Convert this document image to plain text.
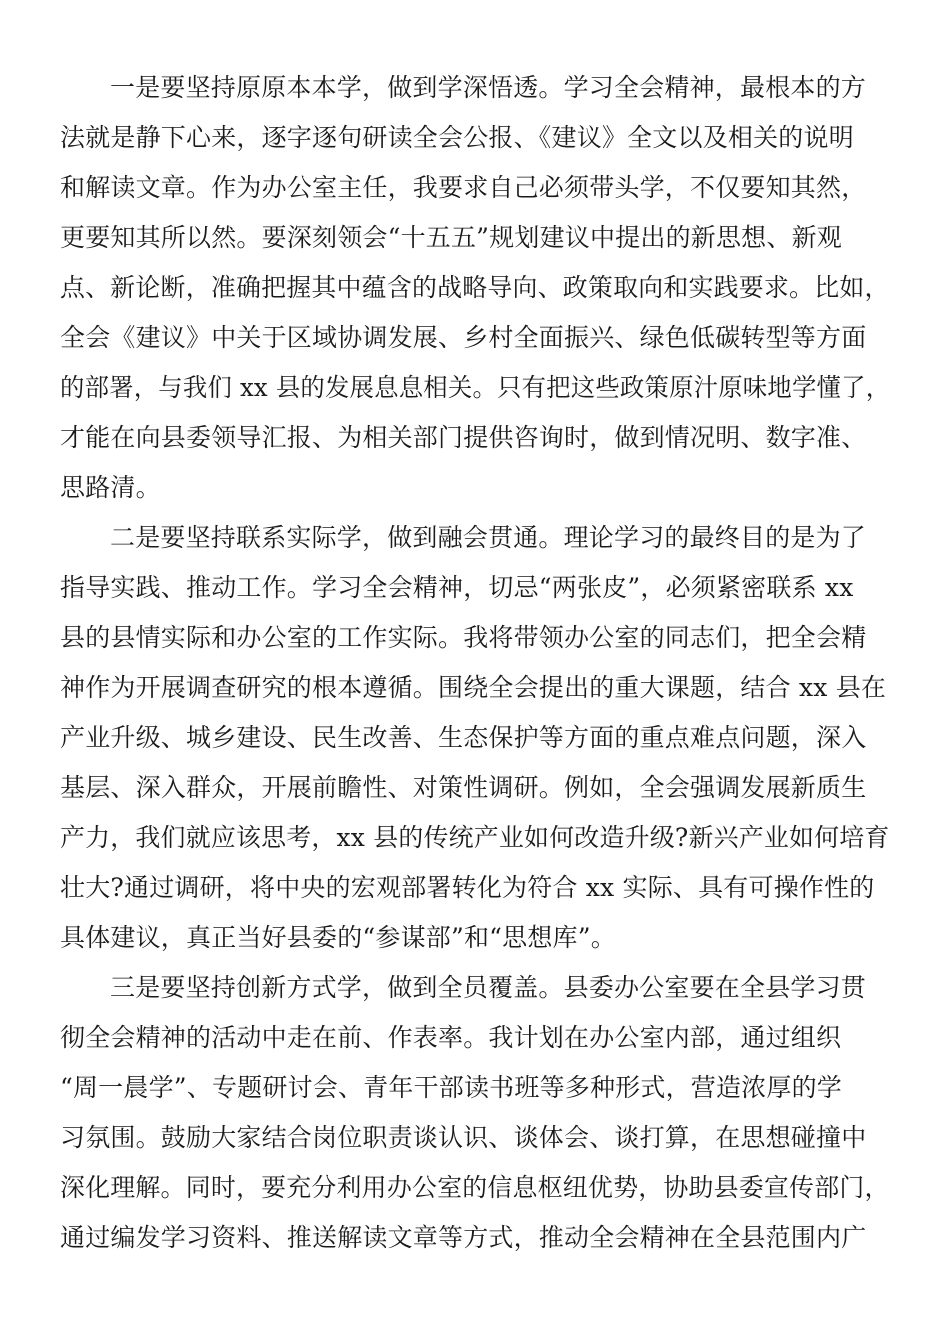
一是要坚持原原本本学，做到学深悟透。学习全会精神，最根本的方
法就是静下心来，逐字逐句研读全会公报、《建议》全文以及相关的说明
和解读文章。作为办公室主任，我要求自己必须带头学，不仅要知其然，
更要知其所以然。要深刻领会“十五五”规划建议中提出的新思想、新观
点、新论断，准确把握其中蕴含的战略导向、政策取向和实践要求。比如，
全会《建议》中关于区域协调发展、乡村全面振兴、绿色低碳转型等方面
的部署，与我们 xx 县的发展息息相关。只有把这些政策原汁原味地学懂了，
才能在向县委领导汇报、为相关部门提供咨询时，做到情况明、数字准、
思路清。
二是要坚持联系实际学，做到融会贯通。理论学习的最终目的是为了
指导实践、推动工作。学习全会精神，切忌“两张皮”，必须紧密联系 xx
县的县情实际和办公室的工作实际。我将带领办公室的同志们，把全会精
神作为开展调查研究的根本遵循。围绕全会提出的重大课题，结合 xx 县在
产业升级、城乡建设、民生改善、生态保护等方面的重点难点问题，深入
基层、深入群众，开展前瞻性、对策性调研。例如，全会强调发展新质生
产力，我们就应该思考，xx 县的传统产业如何改造升级?新兴产业如何培育
壮大?通过调研，将中央的宏观部署转化为符合 xx 实际、具有可操作性的
具体建议，真正当好县委的“参谋部”和“思想库”。
三是要坚持创新方式学，做到全员覆盖。县委办公室要在全县学习贯
彻全会精神的活动中走在前、作表率。我计划在办公室内部，通过组织
“周一晨学”、专题研讨会、青年干部读书班等多种形式，营造浓厚的学
习氛围。鼓励大家结合岗位职责谈认识、谈体会、谈打算，在思想碰撞中
深化理解。同时，要充分利用办公室的信息枢纽优势，协助县委宣传部门，
通过编发学习资料、推送解读文章等方式，推动全会精神在全县范围内广
